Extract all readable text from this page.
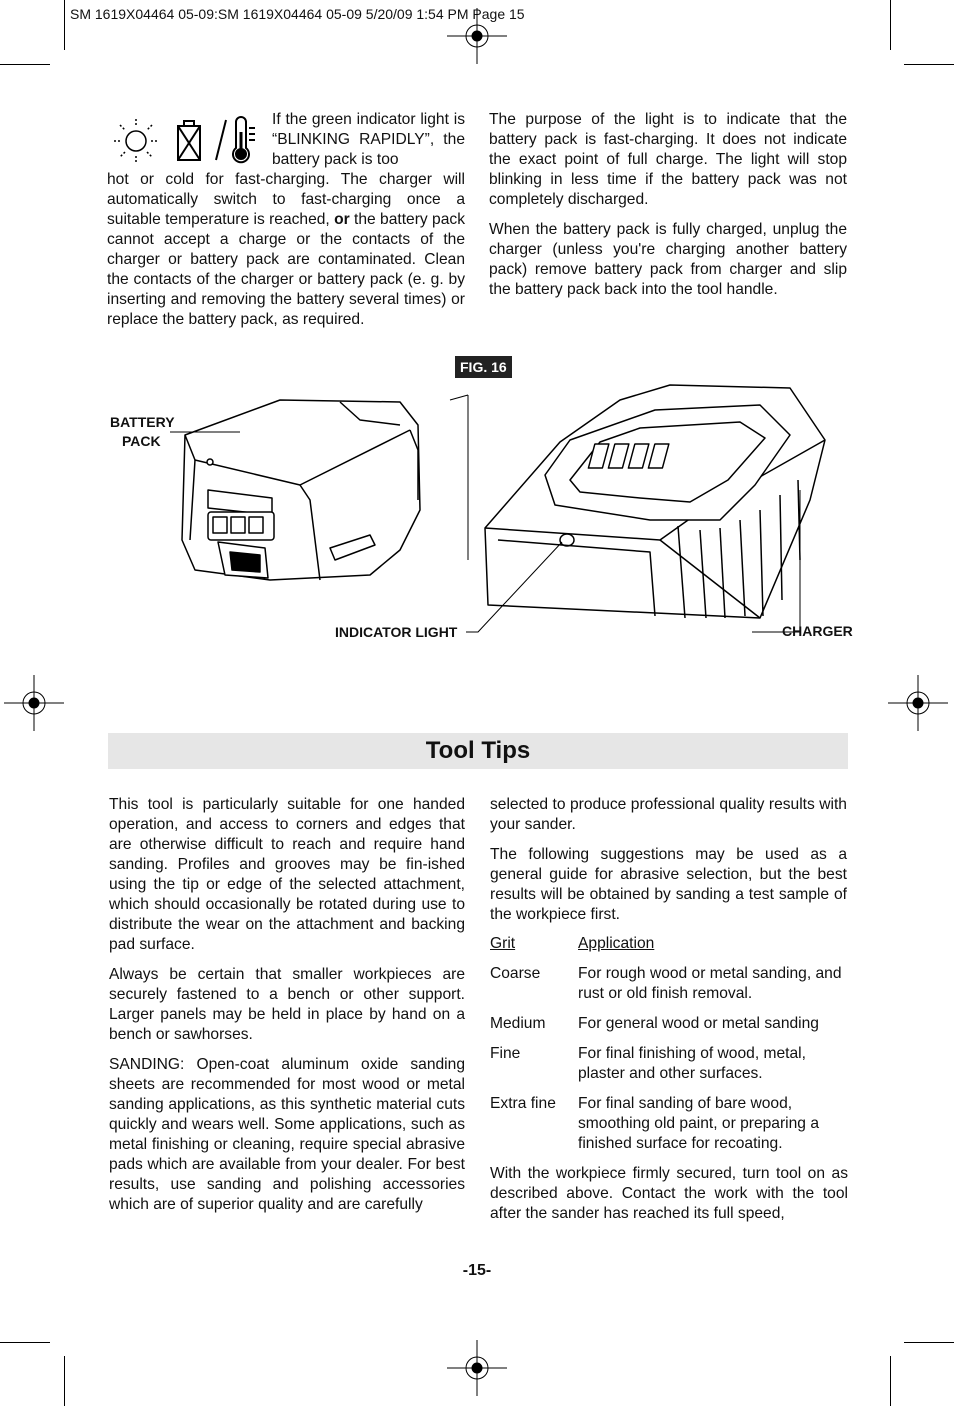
SM 1619X04464 05-09:SM 1619X04464 05-09 5/20/09 1:54 PM Page 15

If the green indicator light is “BLINKING RAPIDLY”, the battery pack is too

hot or cold for fast-charging. The charger will automatically switch to fast-charging once a suitable temperature is reached, or the battery pack cannot accept a charge or the contacts of the charger or battery pack are contaminated. Clean the contacts of the charger or battery pack (e. g. by inserting and removing the battery several times) or replace the battery pack, as required.

The purpose of the light is to indicate that the battery pack is fast-charging. It does not indicate the exact point of full charge. The light will stop blinking in less time if the battery pack was not completely discharged.

When the battery pack is fully charged, unplug the charger (unless you're charging another battery pack) remove battery pack from charger and slip the battery pack back into the tool handle.

FIG. 16
BATTERY
PACK
INDICATOR LIGHT	CHARGER
Tool Tips

This tool is particularly suitable for one handed operation, and access to corners and edges that are otherwise difficult to reach and require hand sanding. Profiles and grooves may be fin-ished using the tip or edge of the selected attachment, which should occasionally be rotated during use to distribute the wear on the attachment and backing pad surface.

Always be certain that smaller workpieces are securely fastened to a bench or other support. Larger panels may be held in place by hand on a bench or sawhorses.

SANDING: Open-coat aluminum oxide sanding sheets are recommended for most wood or metal sanding applications, as this synthetic material cuts quickly and wears well. Some applications, such as metal finishing or cleaning, require special abrasive pads which are available from your dealer. For best results, use sanding and polishing accessories which are of superior quality and are carefully

selected to produce professional quality results with your sander.

The following suggestions may be used as a general guide for abrasive selection, but the best results will be obtained by sanding a test sample of the workpiece first.

Grit	Application
Coarse	For rough wood or metal sanding, and rust or old finish removal.
Medium	For general wood or metal sanding
Fine	For final finishing of wood, metal, plaster and other surfaces.
Extra fine	For final sanding of bare wood, smoothing old paint, or preparing a finished surface for recoating.

With the workpiece firmly secured, turn tool on as described above. Contact the work with the tool after the sander has reached its full speed,

-15-
